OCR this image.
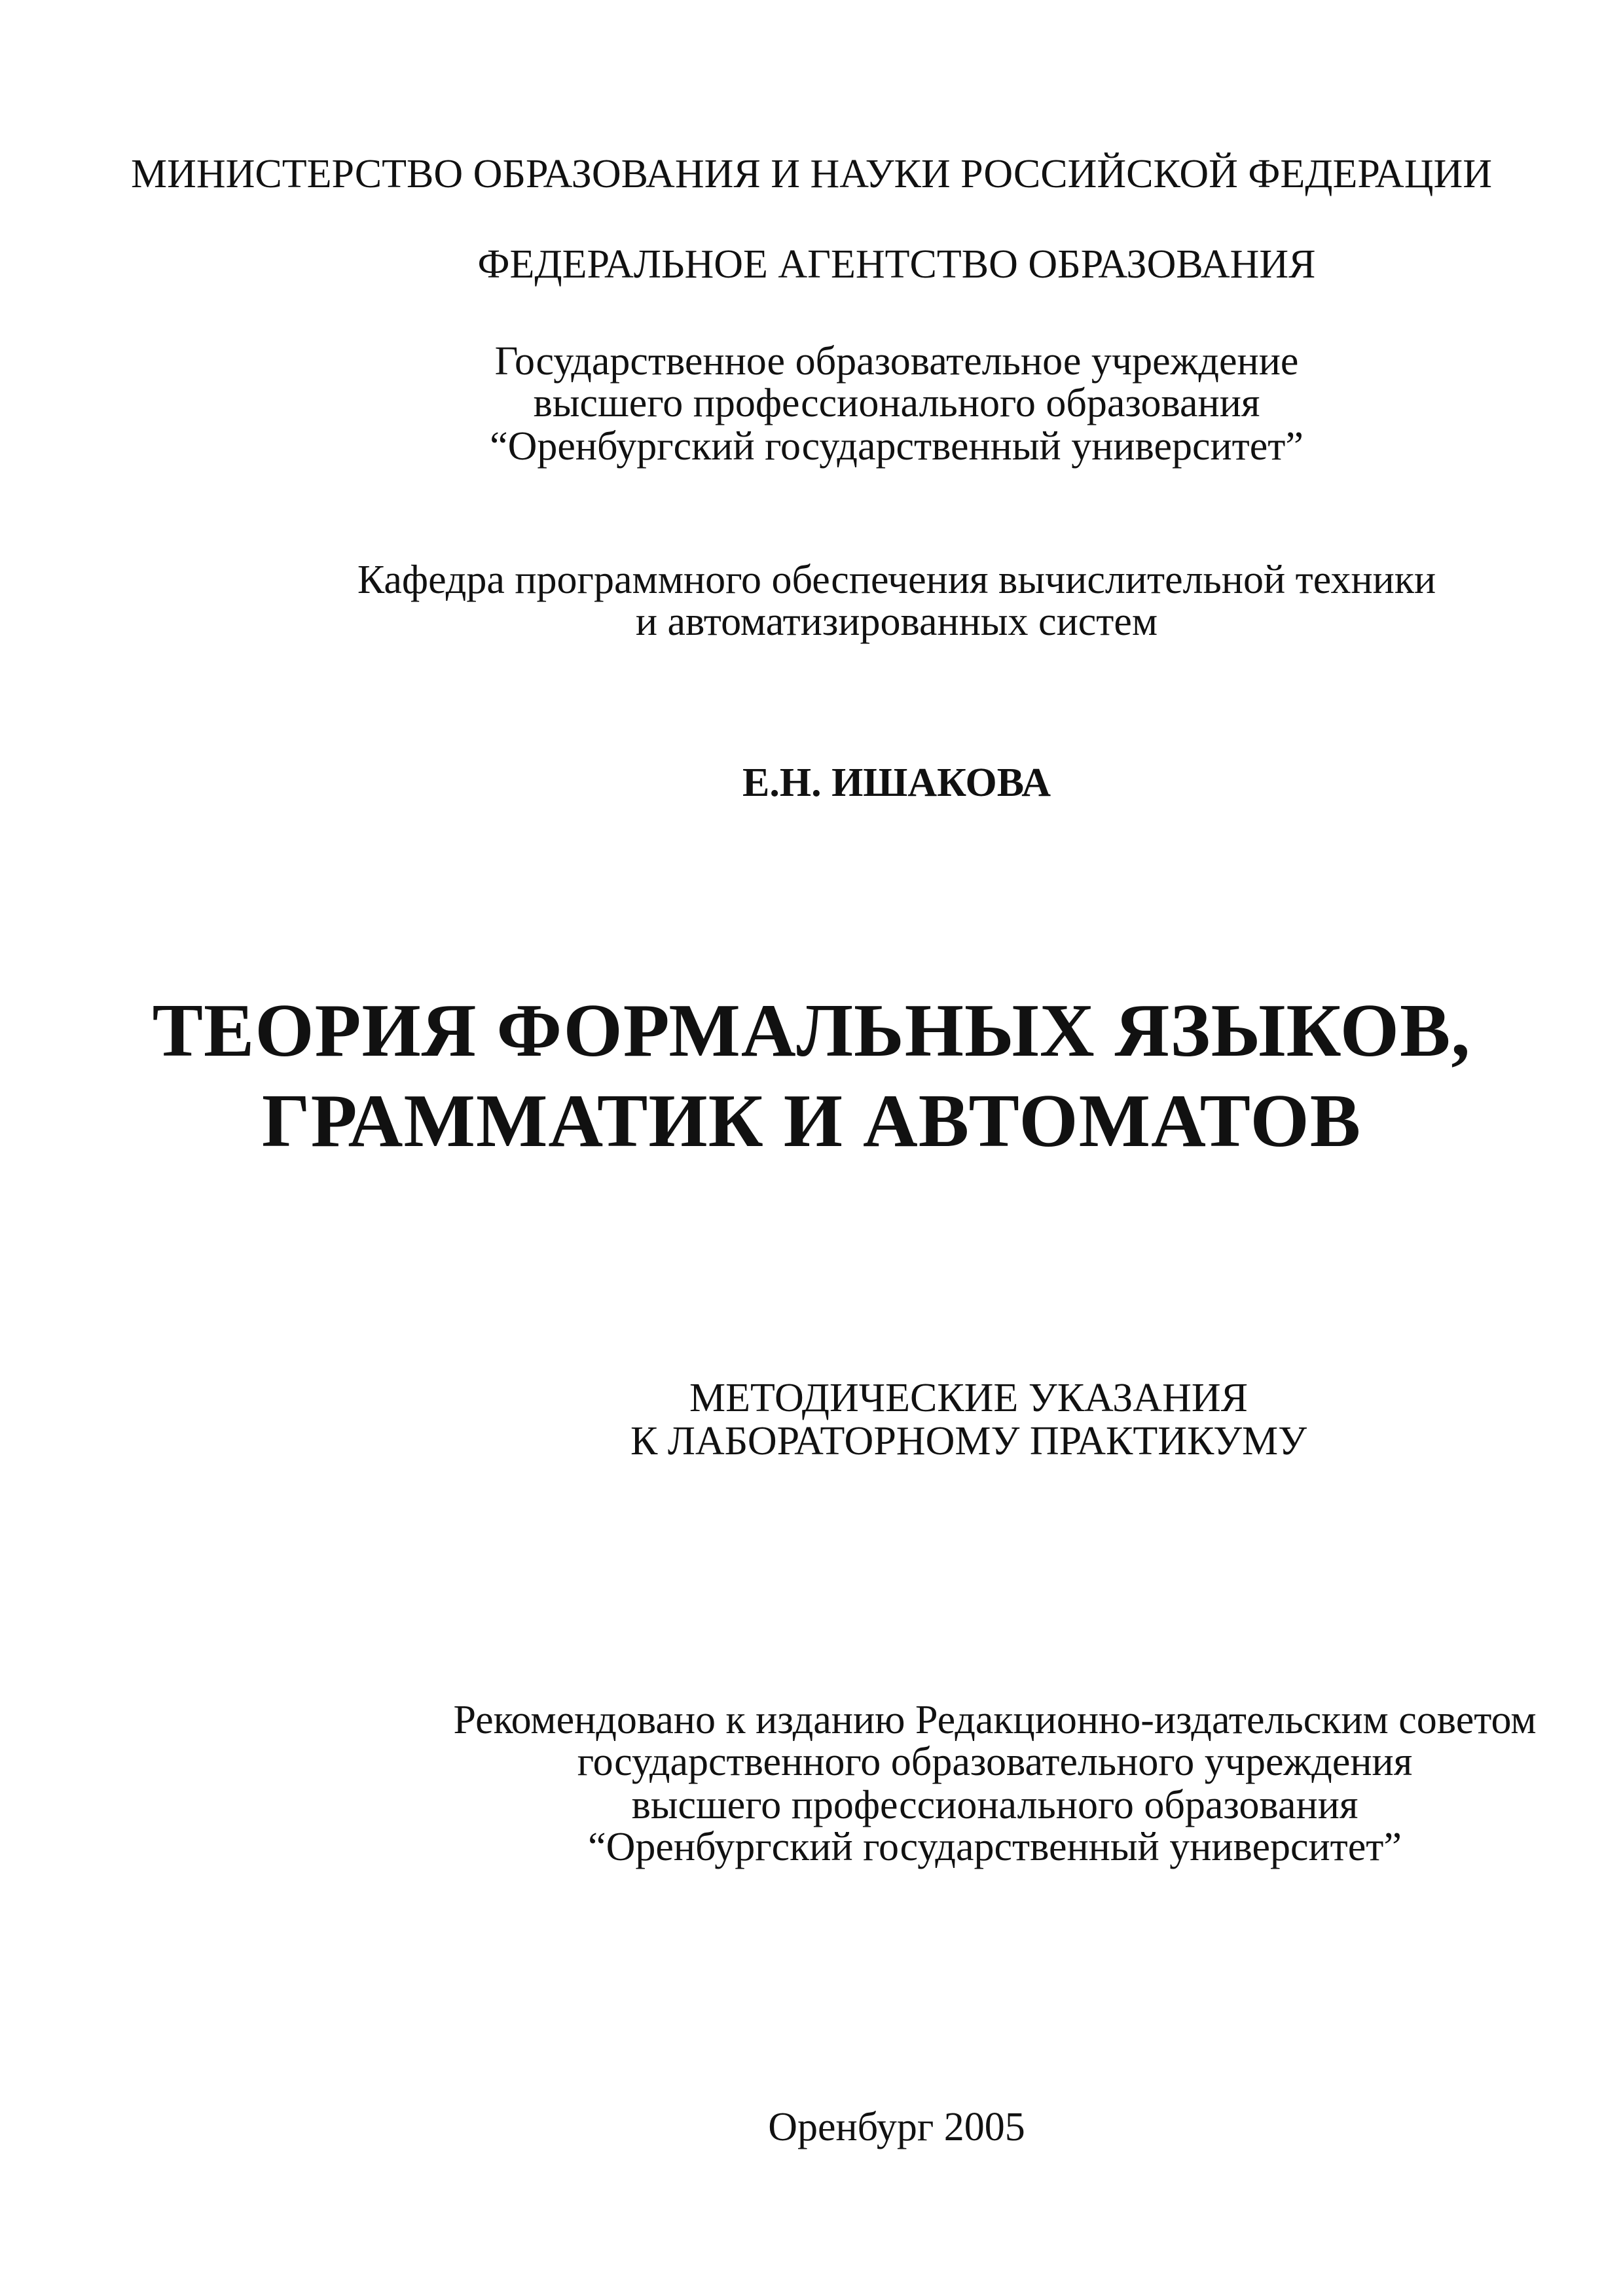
МИНИСТЕРСТВО ОБРАЗОВАНИЯ И НАУКИ РОССИЙСКОЙ ФЕДЕРАЦИИ

ФЕДЕРАЛЬНОЕ АГЕНТСТВО ОБРАЗОВАНИЯ

Государственное образовательное учреждение

высшего профессионального образования

“Оренбургский государственный университет”

Кафедра программного обеспечения вычислительной техники

и автоматизированных систем

Е.Н. ИШАКОВА

ТЕОРИЯ ФОРМАЛЬНЫХ ЯЗЫКОВ,

ГРАММАТИК И АВТОМАТОВ

МЕТОДИЧЕСКИЕ УКАЗАНИЯ

К ЛАБОРАТОРНОМУ ПРАКТИКУМУ

Рекомендовано к изданию Редакционно-издательским советом

государственного образовательного учреждения

высшего профессионального образования

“Оренбургский государственный университет”

Оренбург 2005
